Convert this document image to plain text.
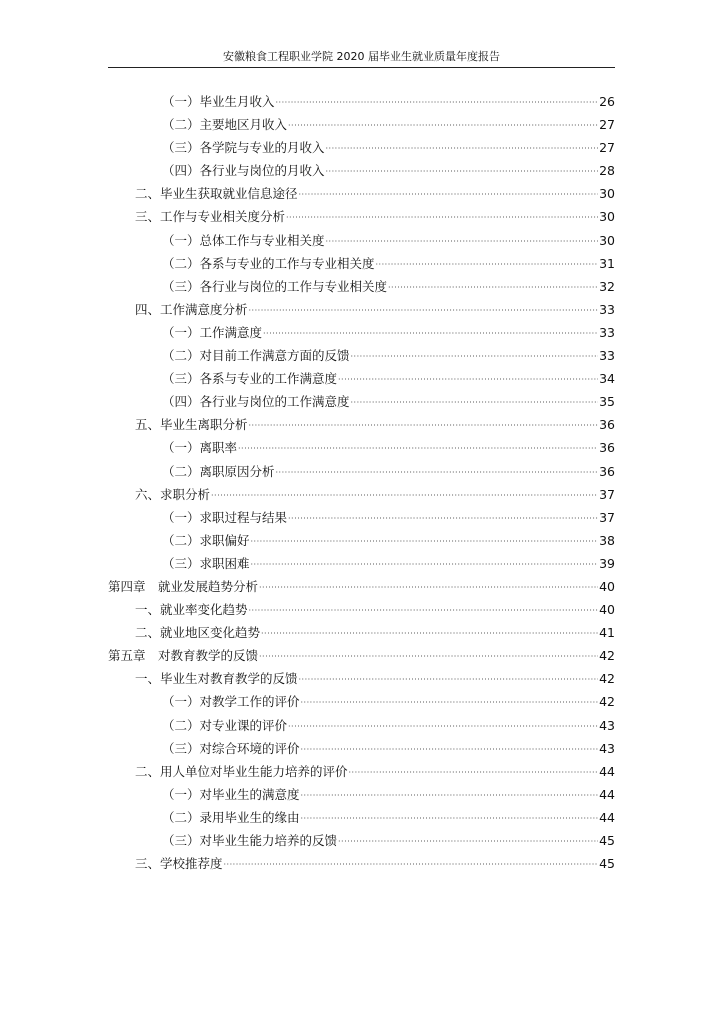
安徽粮食工程职业学院 2020 届毕业生就业质量年度报告
（一）毕业生月收入 ·····	26
（二）主要地区月收入 ·····	27
（三）各学院与专业的月收入 ·····	27
（四）各行业与岗位的月收入 ·····	28
二、毕业生获取就业信息途径 ·····	30
三、工作与专业相关度分析 ·····	30
（一）总体工作与专业相关度 ·····	30
（二）各系与专业的工作与专业相关度 ·····	31
（三）各行业与岗位的工作与专业相关度 ·····	32
四、工作满意度分析 ·····	33
（一）工作满意度 ·····	33
（二）对目前工作满意方面的反馈 ·····	33
（三）各系与专业的工作满意度 ·····	34
（四）各行业与岗位的工作满意度 ·····	35
五、毕业生离职分析 ·····	36
（一）离职率 ·····	36
（二）离职原因分析 ·····	36
六、求职分析 ·····	37
（一）求职过程与结果 ·····	37
（二）求职偏好 ·····	38
（三）求职困难 ·····	39
第四章　就业发展趋势分析 ·····	40
一、就业率变化趋势 ·····	40
二、就业地区变化趋势 ·····	41
第五章　对教育教学的反馈 ·····	42
一、毕业生对教育教学的反馈 ·····	42
（一）对教学工作的评价 ·····	42
（二）对专业课的评价 ·····	43
（三）对综合环境的评价 ·····	43
二、用人单位对毕业生能力培养的评价 ·····	44
（一）对毕业生的满意度 ·····	44
（二）录用毕业生的缘由 ·····	44
（三）对毕业生能力培养的反馈 ·····	45
三、学校推荐度 ·····	45
